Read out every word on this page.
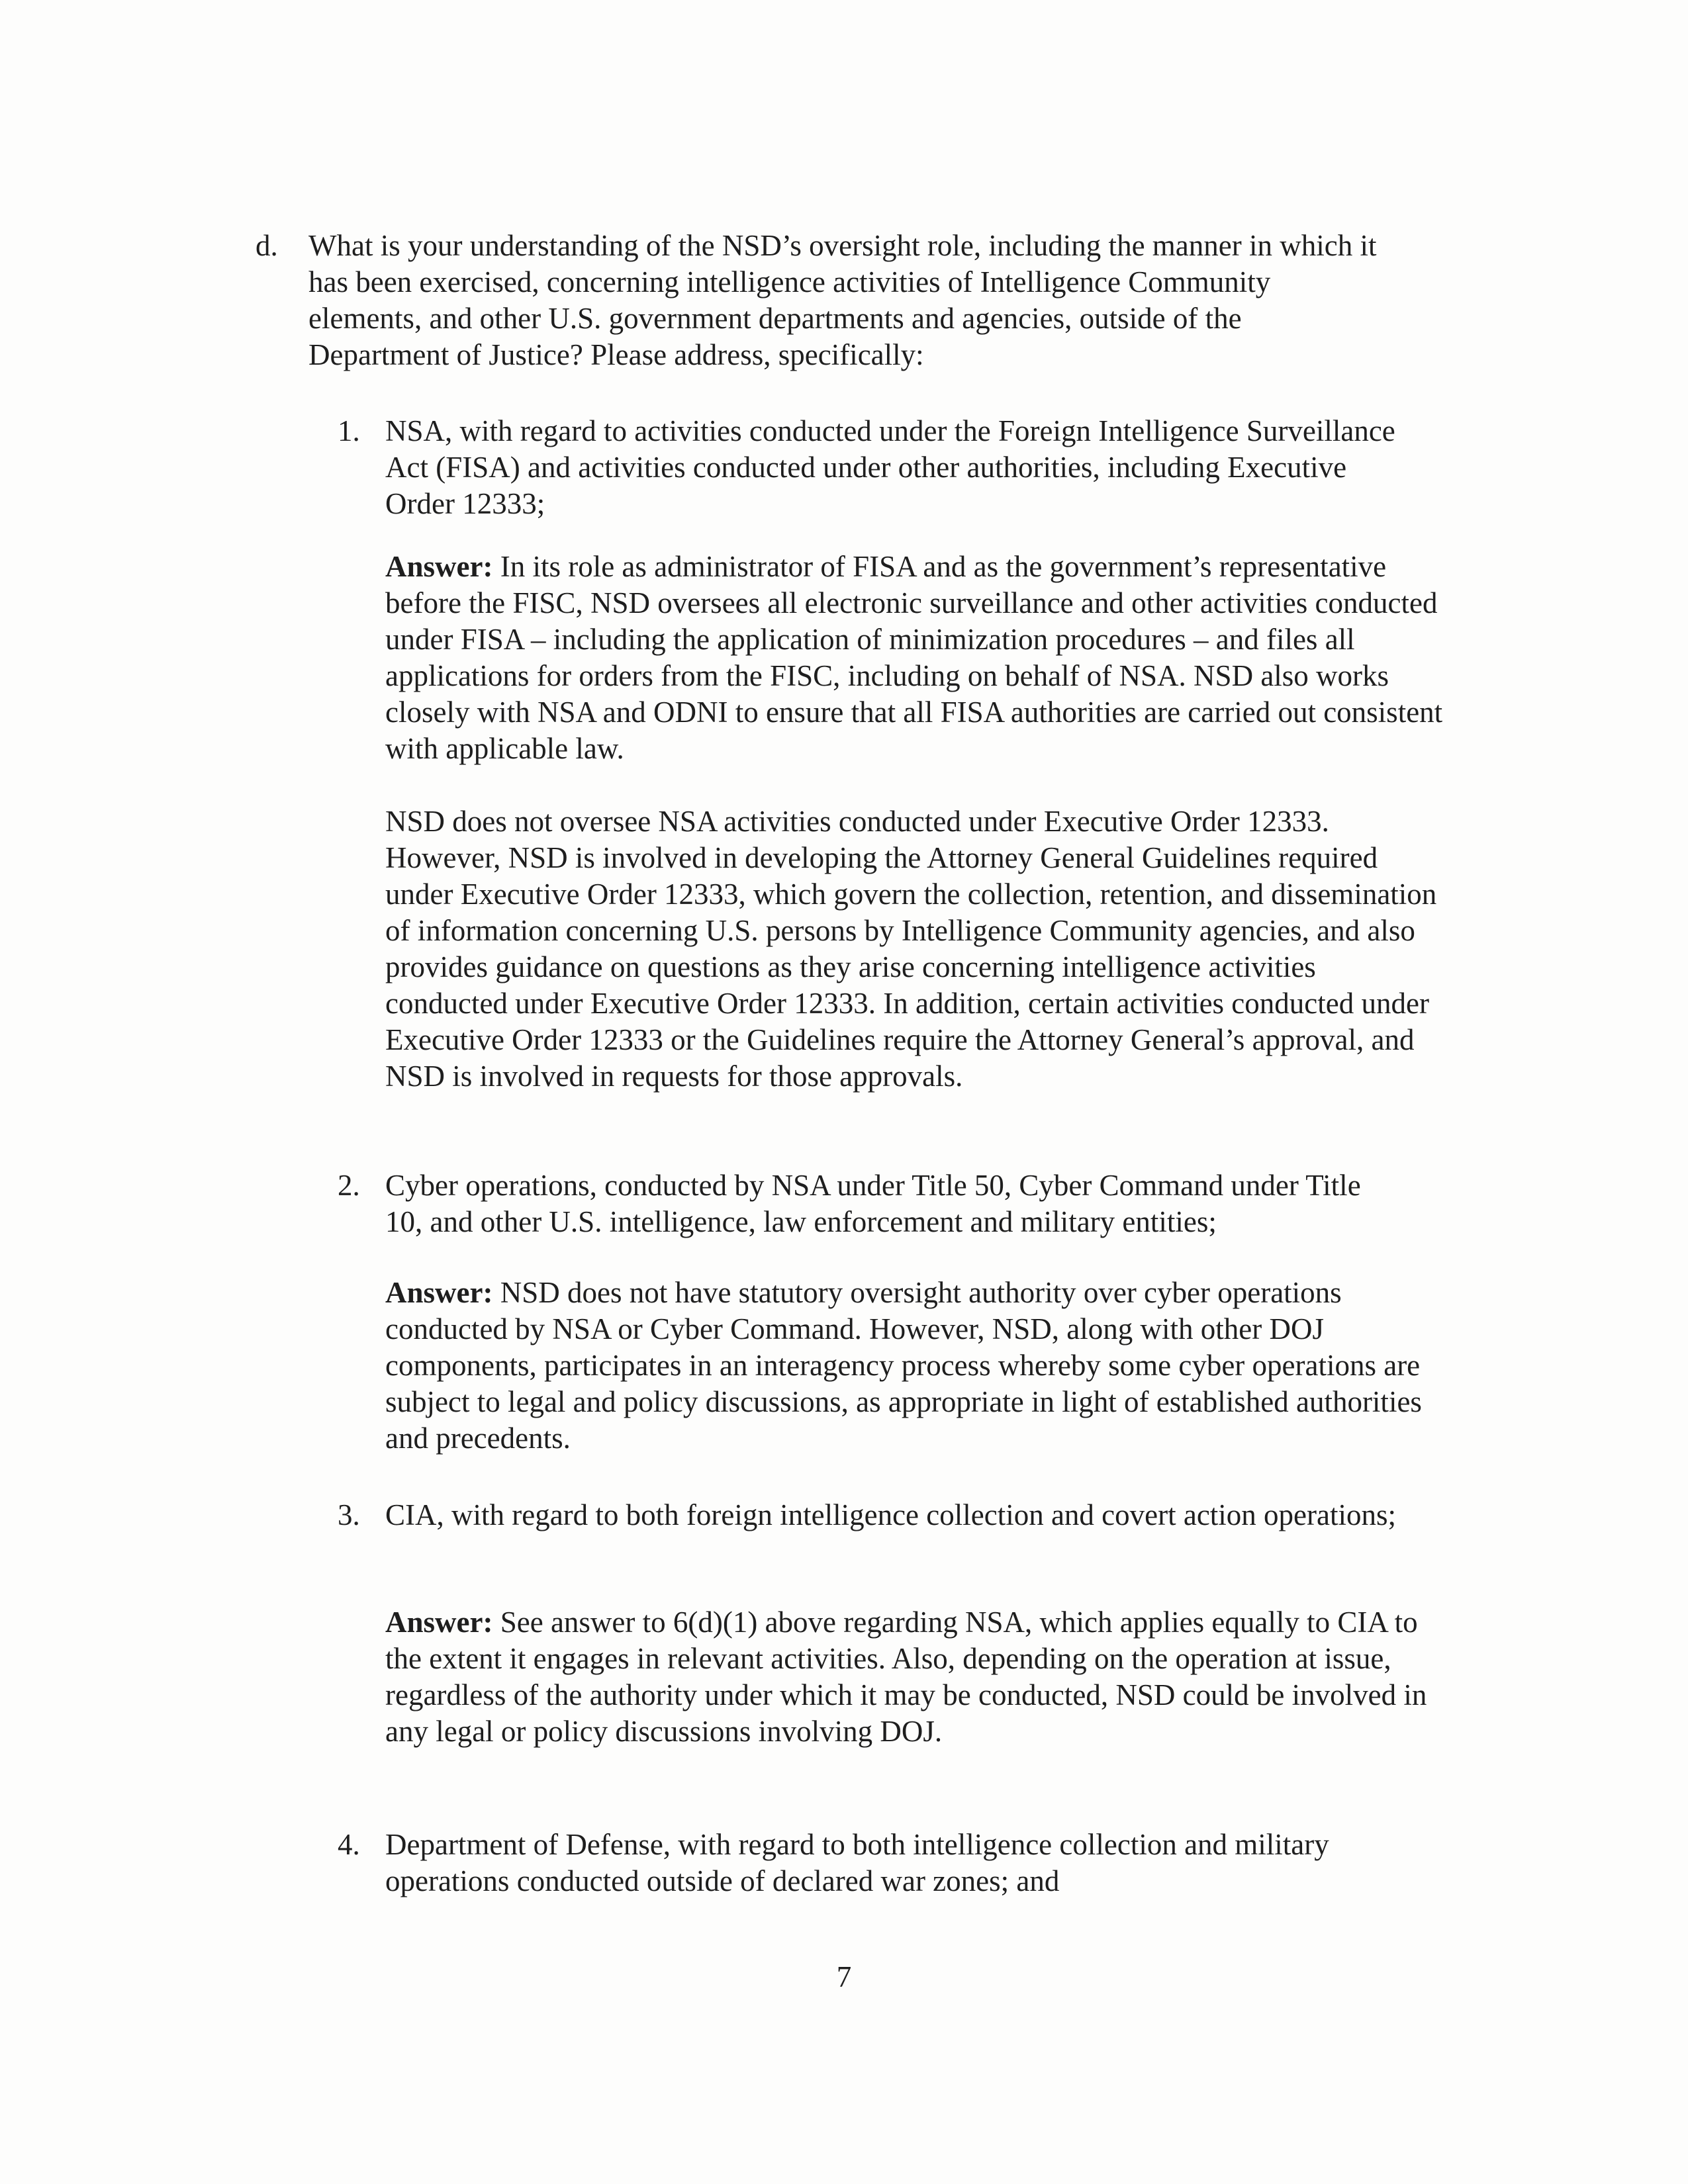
d. What is your understanding of the NSD’s oversight role, including the manner in which it has been exercised, concerning intelligence activities of Intelligence Community elements, and other U.S. government departments and agencies, outside of the Department of Justice? Please address, specifically:
1. NSA, with regard to activities conducted under the Foreign Intelligence Surveillance Act (FISA) and activities conducted under other authorities, including Executive Order 12333;

Answer: In its role as administrator of FISA and as the government’s representative before the FISC, NSD oversees all electronic surveillance and other activities conducted under FISA – including the application of minimization procedures – and files all applications for orders from the FISC, including on behalf of NSA. NSD also works closely with NSA and ODNI to ensure that all FISA authorities are carried out consistent with applicable law.

NSD does not oversee NSA activities conducted under Executive Order 12333. However, NSD is involved in developing the Attorney General Guidelines required under Executive Order 12333, which govern the collection, retention, and dissemination of information concerning U.S. persons by Intelligence Community agencies, and also provides guidance on questions as they arise concerning intelligence activities conducted under Executive Order 12333. In addition, certain activities conducted under Executive Order 12333 or the Guidelines require the Attorney General’s approval, and NSD is involved in requests for those approvals.

2. Cyber operations, conducted by NSA under Title 50, Cyber Command under Title 10, and other U.S. intelligence, law enforcement and military entities;

Answer: NSD does not have statutory oversight authority over cyber operations conducted by NSA or Cyber Command. However, NSD, along with other DOJ components, participates in an interagency process whereby some cyber operations are subject to legal and policy discussions, as appropriate in light of established authorities and precedents.

3. CIA, with regard to both foreign intelligence collection and covert action operations;

Answer: See answer to 6(d)(1) above regarding NSA, which applies equally to CIA to the extent it engages in relevant activities. Also, depending on the operation at issue, regardless of the authority under which it may be conducted, NSD could be involved in any legal or policy discussions involving DOJ.

4. Department of Defense, with regard to both intelligence collection and military operations conducted outside of declared war zones; and
7
